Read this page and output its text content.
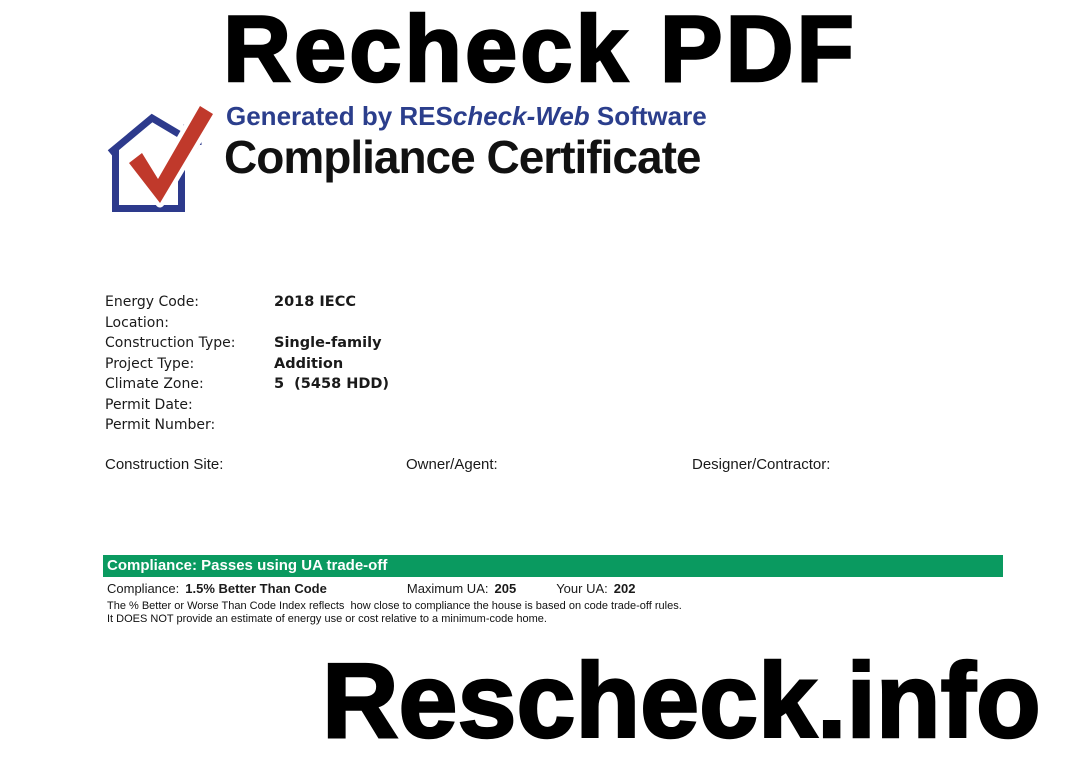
Recheck PDF
Generated by REScheck-Web Software
Compliance Certificate
Energy Code:	2018 IECC
Location:
Construction Type:	Single-family
Project Type:	Addition
Climate Zone:	5  (5458 HDD)
Permit Date:
Permit Number:
Construction Site:	Owner/Agent:	Designer/Contractor:
Compliance: Passes using UA trade-off
Compliance: 1.5% Better Than Code	Maximum UA: 205	Your UA: 202
The % Better or Worse Than Code Index reflects  how close to compliance the house is based on code trade-off rules.
It DOES NOT provide an estimate of energy use or cost relative to a minimum-code home.
Rescheck.info
